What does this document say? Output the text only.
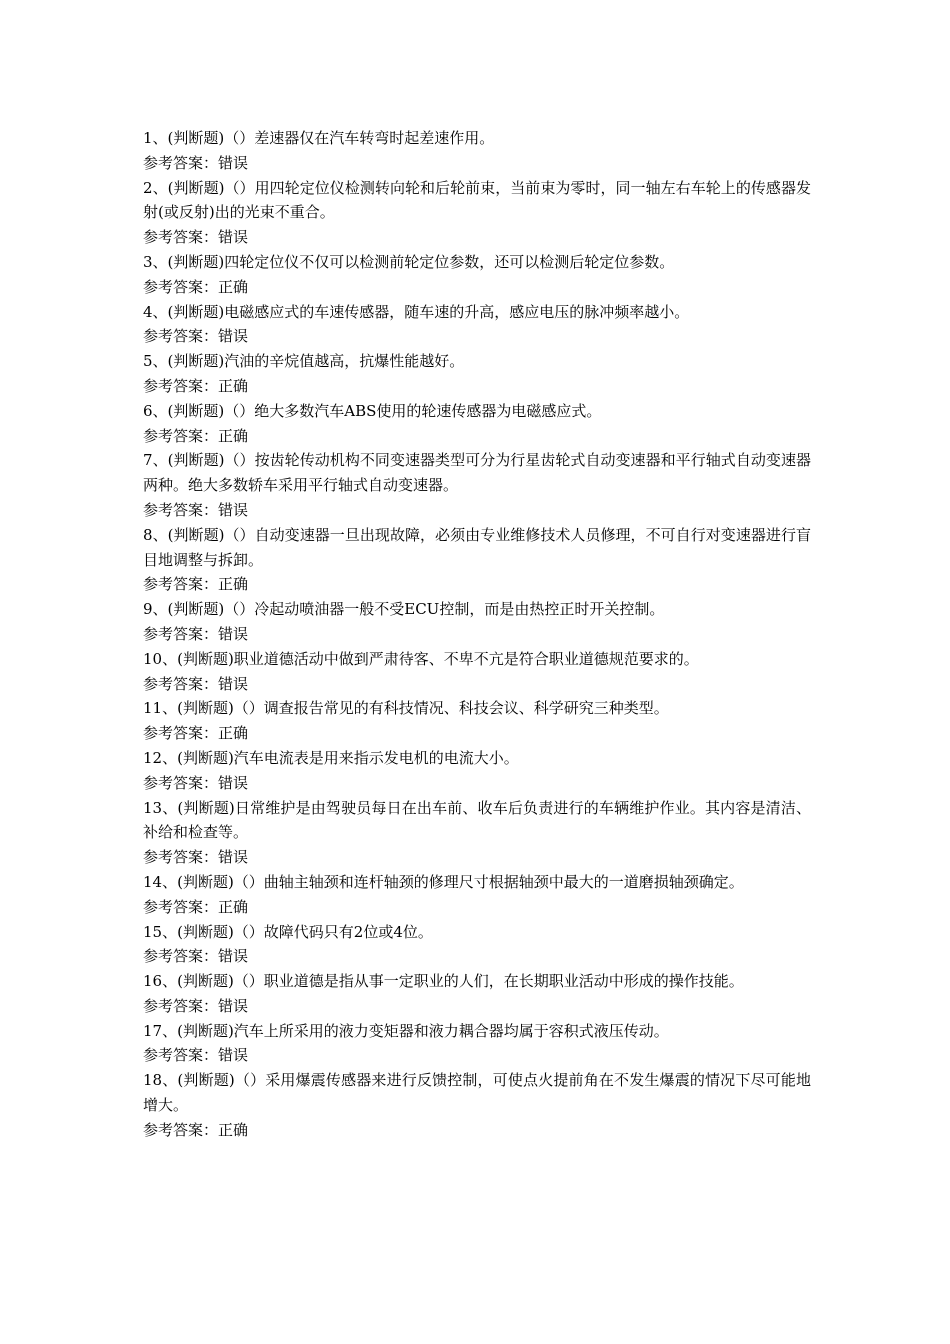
1、(判断题)（）差速器仅在汽车转弯时起差速作用。

参考答案：错误

2、(判断题)（）用四轮定位仪检测转向轮和后轮前束，当前束为零时，同一轴左右车轮上的传感器发射(或反射)出的光束不重合。

参考答案：错误

3、(判断题)四轮定位仪不仅可以检测前轮定位参数，还可以检测后轮定位参数。

参考答案：正确

4、(判断题)电磁感应式的车速传感器，随车速的升高，感应电压的脉冲频率越小。

参考答案：错误

5、(判断题)汽油的辛烷值越高，抗爆性能越好。

参考答案：正确

6、(判断题)（）绝大多数汽车ABS使用的轮速传感器为电磁感应式。

参考答案：正确

7、(判断题)（）按齿轮传动机构不同变速器类型可分为行星齿轮式自动变速器和平行轴式自动变速器两种。绝大多数轿车采用平行轴式自动变速器。

参考答案：错误

8、(判断题)（）自动变速器一旦出现故障，必须由专业维修技术人员修理，不可自行对变速器进行盲目地调整与拆卸。

参考答案：正确

9、(判断题)（）冷起动喷油器一般不受ECU控制，而是由热控正时开关控制。

参考答案：错误

10、(判断题)职业道德活动中做到严肃待客、不卑不亢是符合职业道德规范要求的。

参考答案：错误

11、(判断题)（）调查报告常见的有科技情况、科技会议、科学研究三种类型。

参考答案：正确

12、(判断题)汽车电流表是用来指示发电机的电流大小。

参考答案：错误

13、(判断题)日常维护是由驾驶员每日在出车前、收车后负责进行的车辆维护作业。其内容是清洁、补给和检查等。

参考答案：错误

14、(判断题)（）曲轴主轴颈和连杆轴颈的修理尺寸根据轴颈中最大的一道磨损轴颈确定。

参考答案：正确

15、(判断题)（）故障代码只有2位或4位。

参考答案：错误

16、(判断题)（）职业道德是指从事一定职业的人们，在长期职业活动中形成的操作技能。

参考答案：错误

17、(判断题)汽车上所采用的液力变矩器和液力耦合器均属于容积式液压传动。

参考答案：错误

18、(判断题)（）采用爆震传感器来进行反馈控制，可使点火提前角在不发生爆震的情况下尽可能地增大。

参考答案：正确
